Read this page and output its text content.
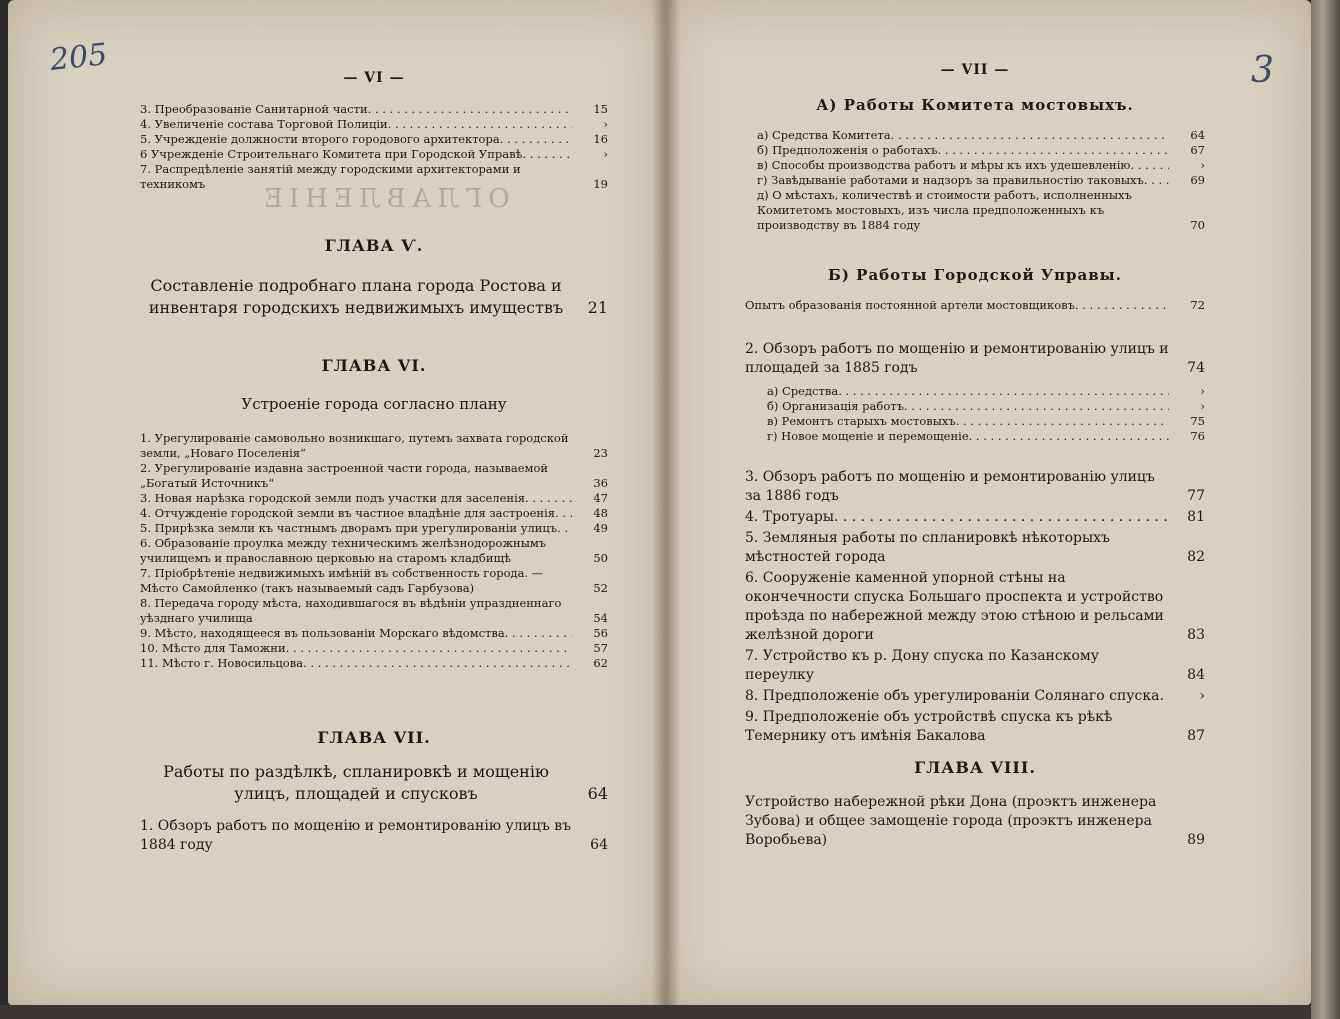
205
ОГЛАВЛЕНІЕ
— VI —
3. Преобразованіе Санитарной части . . .	15
4. Увеличеніе состава Торговой Полиціи . . .	›
5. Учрежденіе должности второго городового архитектора . . .	16
6 Учрежденіе Строительнаго Комитета при Городской Управѣ . . .	›
7. Распредѣленіе занятій между городскими архитекторами и техникомъ	19
ГЛАВА Ѵ.
Составленіе подробнаго плана города Ростова и инвентаря городскихъ недвижимыхъ имуществъ	21
ГЛАВА VI.
Устроеніе города согласно плану
1. Урегулированіе самовольно возникшаго, путемъ захвата городской земли, „Новаго Поселенія“	23
2. Урегулированіе издавна застроенной части города, называемой „Богатый Источникъ“	36
3. Новая нарѣзка городской земли подъ участки для заселенія . . .	47
4. Отчужденіе городской земли въ частное владѣніе для застроенія . . .	48
5. Прирѣзка земли къ частнымъ дворамъ при урегулированіи улицъ . . .	49
6. Образованіе проулка между техническимъ желѣзнодорожнымъ училищемъ и православною церковью на старомъ кладбищѣ	50
7. Пріобрѣтеніе недвижимыхъ имѣній въ собственность города. — Мѣсто Самойленко (такъ называемый садъ Гарбузова)	52
8. Передача городу мѣста, находившагося въ вѣдѣніи упраздненнаго уѣзднаго училища	54
9. Мѣсто, находящееся въ пользованіи Морскаго вѣдомства . . .	56
10. Мѣсто для Таможни . . .	57
11. Мѣсто г. Новосильцова . . .	62
ГЛАВА VII.
Работы по раздѣлкѣ, спланировкѣ и мощенію улицъ, площадей и спусковъ	64
1. Обзоръ работъ по мощенію и ремонтированію улицъ въ 1884 году	64
3
— VII —
А) Работы Комитета мостовыхъ.
а) Средства Комитета . . .	64
б) Предположенія о работахъ . . .	67
в) Способы производства работъ и мѣры къ ихъ удешевленію . . .	›
г) Завѣдываніе работами и надзоръ за правильностію таковыхъ . . .	69
д) О мѣстахъ, количествѣ и стоимости работъ, исполненныхъ Комитетомъ мостовыхъ, изъ числа предположенныхъ къ производству въ 1884 году	70
Б) Работы Городской Управы.
Опытъ образованія постоянной артели мостовщиковъ . . .	72
2. Обзоръ работъ по мощенію и ремонтированію улицъ и площадей за 1885 годъ	74
а) Средства . . .	›
б) Организація работъ . . .	›
в) Ремонтъ старыхъ мостовыхъ . . .	75
г) Новое мощеніе и перемощеніе . . .	76
3. Обзоръ работъ по мощенію и ремонтированію улицъ за 1886 годъ	77
4. Тротуары . . .	81
5. Земляныя работы по спланировкѣ нѣкоторыхъ мѣстностей города	82
6. Сооруженіе каменной упорной стѣны на окончечности спуска Большаго проспекта и устройство проѣзда по набережной между этою стѣною и рельсами желѣзной дороги	83
7. Устройство къ р. Дону спуска по Казанскому переулку	84
8. Предположеніе объ урегулированіи Солянаго спуска . . .	›
9. Предположеніе объ устройствѣ спуска къ рѣкѣ Темернику отъ имѣнія Бакалова	87
ГЛАВА VIII.
Устройство набережной рѣки Дона (проэктъ инженера Зубова) и общее замощеніе города (проэктъ инженера Воробьева)	89
